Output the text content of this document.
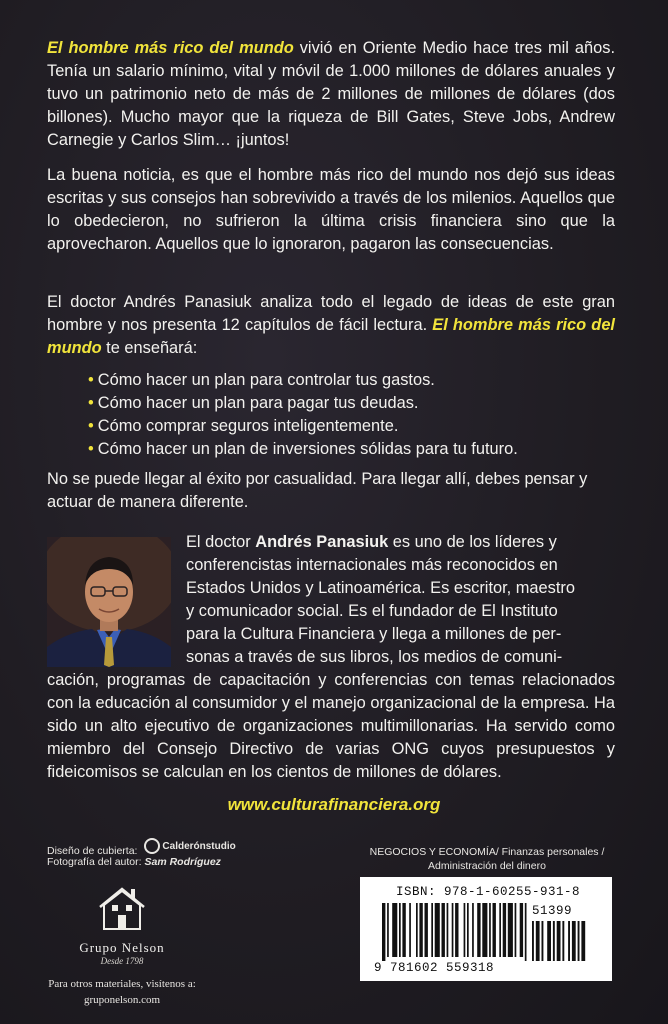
El hombre más rico del mundo vivió en Oriente Medio hace tres mil años. Tenía un salario mínimo, vital y móvil de 1.000 millones de dólares anuales y tuvo un patrimonio neto de más de 2 millones de millones de dólares (dos billones). Mucho mayor que la riqueza de Bill Gates, Steve Jobs, Andrew Carnegie y Carlos Slim… ¡juntos!
La buena noticia, es que el hombre más rico del mundo nos dejó sus ideas escritas y sus consejos han sobrevivido a través de los milenios. Aquellos que lo obedecieron, no sufrieron la última crisis financiera sino que la aprovecharon. Aquellos que lo ignoraron, pagaron las consecuencias.
El doctor Andrés Panasiuk analiza todo el legado de ideas de este gran hombre y nos presenta 12 capítulos de fácil lectura. El hombre más rico del mundo te enseñará:
• Cómo hacer un plan para controlar tus gastos.
• Cómo hacer un plan para pagar tus deudas.
• Cómo comprar seguros inteligentemente.
• Cómo hacer un plan de inversiones sólidas para tu futuro.
No se puede llegar al éxito por casualidad. Para llegar allí, debes pensar y actuar de manera diferente.
El doctor Andrés Panasiuk es uno de los líderes y
conferencistas internacionales más reconocidos en
Estados Unidos y Latinoamérica. Es escritor, maestro
y comunicador social. Es el fundador de El Instituto
para la Cultura Financiera y llega a millones de per-
sonas a través de sus libros, los medios de comuni-
cación, programas de capacitación y conferencias con temas relacionados con la educación al consumidor y el manejo organizacional de la empresa. Ha sido un alto ejecutivo de organizaciones multimillonarias. Ha servido como miembro del Consejo Directivo de varias ONG cuyos presupuestos y fideicomisos se calculan en los cientos de millones de dólares.
www.culturafinanciera.org
Diseño de cubierta: Calderónstudio
Fotografía del autor: Sam Rodríguez
Grupo Nelson
Desde 1798
Para otros materiales, visítenos a:
gruponelson.com
NEGOCIOS Y ECONOMÍA/ Finanzas personales /
Administración del dinero
ISBN: 978-1-60255-931-8
51399
9 781602 559318
